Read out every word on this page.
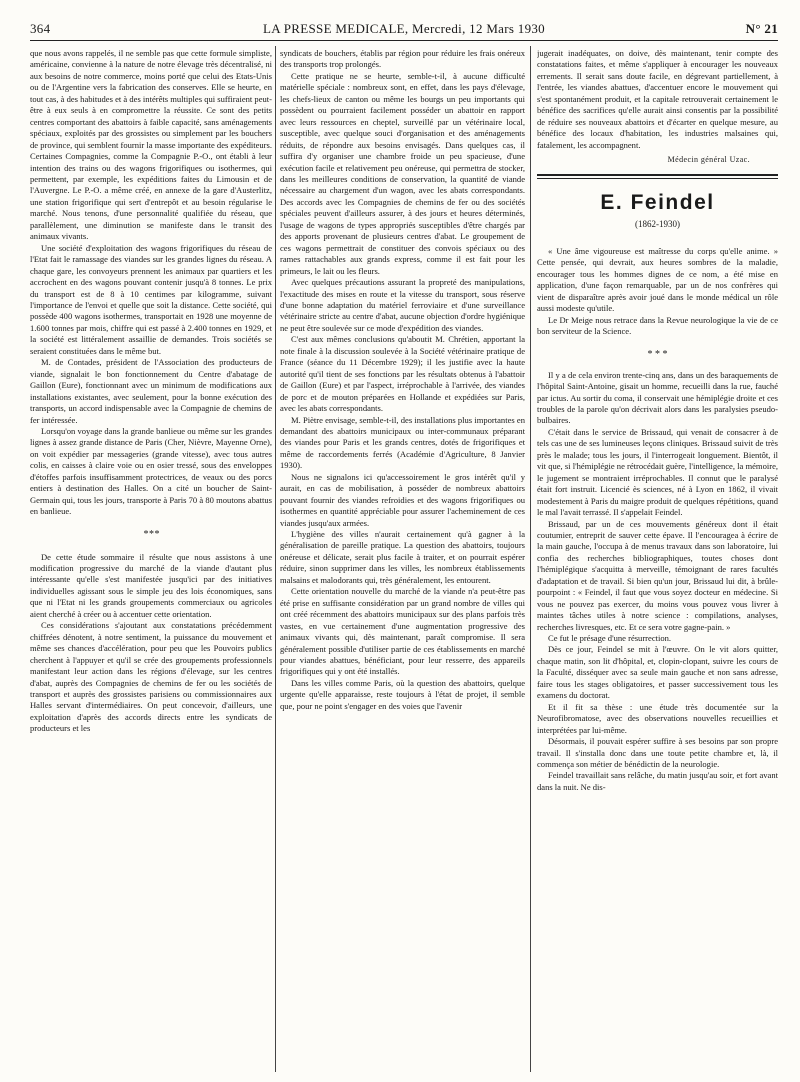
364	LA PRESSE MEDICALE, Mercredi, 12 Mars 1930	N° 21

que nous avons rappelés, il ne semble pas que cette formule simpliste, américaine, convienne à la nature de notre élevage très décentralisé, ni aux besoins de notre commerce, moins porté que celui des Etats-Unis ou de l'Argentine vers la fabrication des conserves. Elle se heurte, en tout cas, à des habitudes et à des intérêts multiples qui suffiraient peut-être à eux seuls à en compromettre la réussite. Ce sont des petits centres comportant des abattoirs à faible capacité, sans aménagements spéciaux, exploités par des grossistes ou simplement par les bouchers de province, qui semblent fournir la masse importante des expéditeurs. Certaines Compagnies, comme la Compagnie P.-O., ont établi à leur intention des trains ou des wagons frigorifiques ou isothermes, qui permettent, par exemple, les expéditions faites du Limousin et de l'Auvergne. Le P.-O. a même créé, en annexe de la gare d'Austerlitz, une station frigorifique qui sert d'entrepôt et au besoin régularise le marché. Nous tenons, d'une personnalité qualifiée du réseau, que parallèlement, une diminution se manifeste dans le transit des animaux vivants.

Une société d'exploitation des wagons frigorifiques du réseau de l'Etat fait le ramassage des viandes sur les grandes lignes du réseau. A chaque gare, les convoyeurs prennent les animaux par quartiers et les accrochent en des wagons pouvant contenir jusqu'à 8 tonnes. Le prix du transport est de 8 à 10 centimes par kilogramme, suivant l'importance de l'envoi et quelle que soit la distance. Cette société, qui possède 400 wagons isothermes, transportait en 1928 une moyenne de 1.600 tonnes par mois, chiffre qui est passé à 2.400 tonnes en 1929, et la société est littéralement assaillie de demandes. Trois sociétés se seraient constituées dans le même but.

M. de Contades, président de l'Association des producteurs de viande, signalait le bon fonctionnement du Centre d'abatage de Gaillon (Eure), fonctionnant avec un minimum de modifications aux installations existantes, avec seulement, pour la bonne exécution des transports, un accord indispensable avec la Compagnie de chemins de fer intéressée.

Lorsqu'on voyage dans la grande banlieue ou même sur les grandes lignes à assez grande distance de Paris (Cher, Nièvre, Mayenne Orne), on voit expédier par messageries (grande vitesse), avec tous autres colis, en caisses à claire voie ou en osier tressé, sous des enveloppes d'étoffes parfois insuffisamment protectrices, de veaux ou des porcs entiers à destination des Halles. On a cité un boucher de Saint-Germain qui, tous les jours, transporte à Paris 70 à 80 moutons abattus en banlieue.

* * *

De cette étude sommaire il résulte que nous assistons à une modification progressive du marché de la viande d'autant plus intéressante qu'elle s'est manifestée jusqu'ici par des initiatives individuelles agissant sous le simple jeu des lois économiques, sans que ni l'Etat ni les grands groupements commerciaux ou agricoles aient cherché à créer ou à accentuer cette orientation.

Ces considérations s'ajoutant aux constatations précédemment chiffrées dénotent, à notre sentiment, la puissance du mouvement et même ses chances d'accélération, pour peu que les Pouvoirs publics cherchent à l'appuyer et qu'il se crée des groupements professionnels manifestant leur action dans les régions d'élevage, sur les centres d'abat, auprès des Compagnies de chemins de fer ou les sociétés de transport et auprès des grossistes parisiens ou commissionnaires aux Halles servant d'intermédiaires. On peut concevoir, d'ailleurs, une exploitation d'après des accords directs entre les syndicats de producteurs et les

syndicats de bouchers, établis par région pour réduire les frais onéreux des transports trop prolongés.

Cette pratique ne se heurte, semble-t-il, à aucune difficulté matérielle spéciale : nombreux sont, en effet, dans les pays d'élevage, les chefs-lieux de canton ou même les bourgs un peu importants qui possèdent ou pourraient facilement posséder un abattoir en rapport avec leurs ressources en cheptel, surveillé par un vétérinaire local, susceptible, avec quelque souci d'organisation et des aménagements réduits, de répondre aux besoins envisagés. Dans quelques cas, il suffira d'y organiser une chambre froide un peu spacieuse, d'une exécution facile et relativement peu onéreuse, qui permettra de stocker, dans les meilleures conditions de conservation, la quantité de viande nécessaire au chargement d'un wagon, avec les abats correspondants. Des accords avec les Compagnies de chemins de fer ou des sociétés spéciales peuvent d'ailleurs assurer, à des jours et heures déterminés, l'usage de wagons de types appropriés susceptibles d'être chargés par des apports provenant de plusieurs centres d'abat. Le groupement de ces wagons permettrait de constituer des convois spéciaux ou des rames rattachables aux grands express, comme il est fait pour les primeurs, le lait ou les fleurs.

Avec quelques précautions assurant la propreté des manipulations, l'exactitude des mises en route et la vitesse du transport, sous réserve d'une bonne adaptation du matériel ferroviaire et d'une surveillance vétérinaire stricte au centre d'abat, aucune objection d'ordre hygiénique ne peut être soulevée sur ce mode d'expédition des viandes.

C'est aux mêmes conclusions qu'aboutit M. Chrétien, apportant la note finale à la discussion soulevée à la Société vétérinaire pratique de France (séance du 11 Décembre 1929); il les justifie avec la haute autorité qu'il tient de ses fonctions par les résultats obtenus à l'abattoir de Gaillon (Eure) et par l'aspect, irréprochable à l'arrivée, des viandes de porc et de mouton préparées en Hollande et expédiées sur Paris, avec les abats correspondants.

M. Piètre envisage, semble-t-il, des installations plus importantes en demandant des abattoirs municipaux ou inter-communaux préparant des viandes pour Paris et les grands centres, dotés de frigorifiques et même de raccordements ferrés (Académie d'Agriculture, 8 Janvier 1930).

Nous ne signalons ici qu'accessoirement le gros intérêt qu'il y aurait, en cas de mobilisation, à posséder de nombreux abattoirs pouvant fournir des viandes refroidies et des wagons frigorifiques ou isothermes en quantité appréciable pour assurer l'acheminement de ces viandes jusqu'aux armées.

L'hygiène des villes n'aurait certainement qu'à gagner à la généralisation de pareille pratique. La question des abattoirs, toujours onéreuse et délicate, serait plus facile à traiter, et on pourrait espérer réduire, sinon supprimer dans les villes, les nombreux établissements malsains et malodorants qui, très généralement, les entourent.

Cette orientation nouvelle du marché de la viande n'a peut-être pas été prise en suffisante considération par un grand nombre de villes qui ont créé récemment des abattoirs municipaux sur des plans parfois très vastes, en vue certainement d'une augmentation progressive des animaux vivants qui, dès maintenant, paraît compromise. Il sera généralement possible d'utiliser partie de ces établissements en marché pour viandes abattues, bénéficiant, pour leur resserre, des appareils frigorifiques qui y ont été installés.

Dans les villes comme Paris, où la question des abattoirs, quelque urgente qu'elle apparaisse, reste toujours à l'état de projet, il semble que, pour ne point s'engager en des voies que l'avenir

jugerait inadéquates, on doive, dès maintenant, tenir compte des constatations faites, et même s'appliquer à encourager les nouveaux errements. Il serait sans doute facile, en dégrevant partiellement, à l'entrée, les viandes abattues, d'accentuer encore le mouvement qui s'est spontanément produit, et la capitale retrouverait certainement le bénéfice des sacrifices qu'elle aurait ainsi consentis par la possibilité de réduire ses nouveaux abattoirs et d'écarter en quelque mesure, au bénéfice des locaux d'habitation, les industries malsaines qui, fatalement, les accompagnent.

Médecin général Uzac.
E. Feindel
(1862-1930)

« Une âme vigoureuse est maîtresse du corps qu'elle anime. » Cette pensée, qui devrait, aux heures sombres de la maladie, encourager tous les hommes dignes de ce nom, a été mise en application, d'une façon remarquable, par un de nos confrères qui vient de disparaître après avoir joué dans le monde médical un rôle aussi modeste qu'utile.

Le Dr Meige nous retrace dans la Revue neurologique la vie de ce bon serviteur de la Science.

* * *

Il y a de cela environ trente-cinq ans, dans un des baraquements de l'hôpital Saint-Antoine, gisait un homme, recueilli dans la rue, fauché par ictus. Au sortir du coma, il conservait une hémiplégie droite et ces troubles de la parole qu'on décrivait alors dans les paralysies pseudo-bulbaires.

C'était dans le service de Brissaud, qui venait de consacrer à de tels cas une de ses lumineuses leçons cliniques. Brissaud suivit de très près le malade; tous les jours, il l'interrogeait longuement. Bientôt, il vit que, si l'hémiplégie ne rétrocédait guère, l'intelligence, la mémoire, le jugement se montraient irréprochables. Il connut que le paralysé était fort instruit. Licencié ès sciences, né à Lyon en 1862, il vivait modestement à Paris du maigre produit de quelques répétitions, quand le mal l'avait terrassé. Il s'appelait Feindel.

Brissaud, par un de ces mouvements généreux dont il était coutumier, entreprit de sauver cette épave. Il l'encouragea à écrire de la main gauche, l'occupa à de menus travaux dans son laboratoire, lui confia des recherches bibliographiques, toutes choses dont l'hémiplégique s'acquitta à merveille, témoignant de rares facultés d'adaptation et de travail. Si bien qu'un jour, Brissaud lui dit, à brûle-pourpoint : « Feindel, il faut que vous soyez docteur en médecine. Si vous ne pouvez pas exercer, du moins vous pouvez vous livrer à maintes tâches utiles à notre science : compilations, analyses, recherches livresques, etc. Et ce sera votre gagne-pain. »

Ce fut le présage d'une résurrection.

Dès ce jour, Feindel se mit à l'œuvre. On le vit alors quitter, chaque matin, son lit d'hôpital, et, clopin-clopant, suivre les cours de la Faculté, disséquer avec sa seule main gauche et non sans adresse, faire tous les stages obligatoires, et passer successivement tous les examens du doctorat.

Et il fit sa thèse : une étude très documentée sur la Neurofibromatose, avec des observations nouvelles recueillies et interprétées par lui-même.

Désormais, il pouvait espérer suffire à ses besoins par son propre travail. Il s'installa donc dans une toute petite chambre et, là, il commença son métier de bénédictin de la neurologie.

Feindel travaillait sans relâche, du matin jusqu'au soir, et fort avant dans la nuit. Ne dis-
